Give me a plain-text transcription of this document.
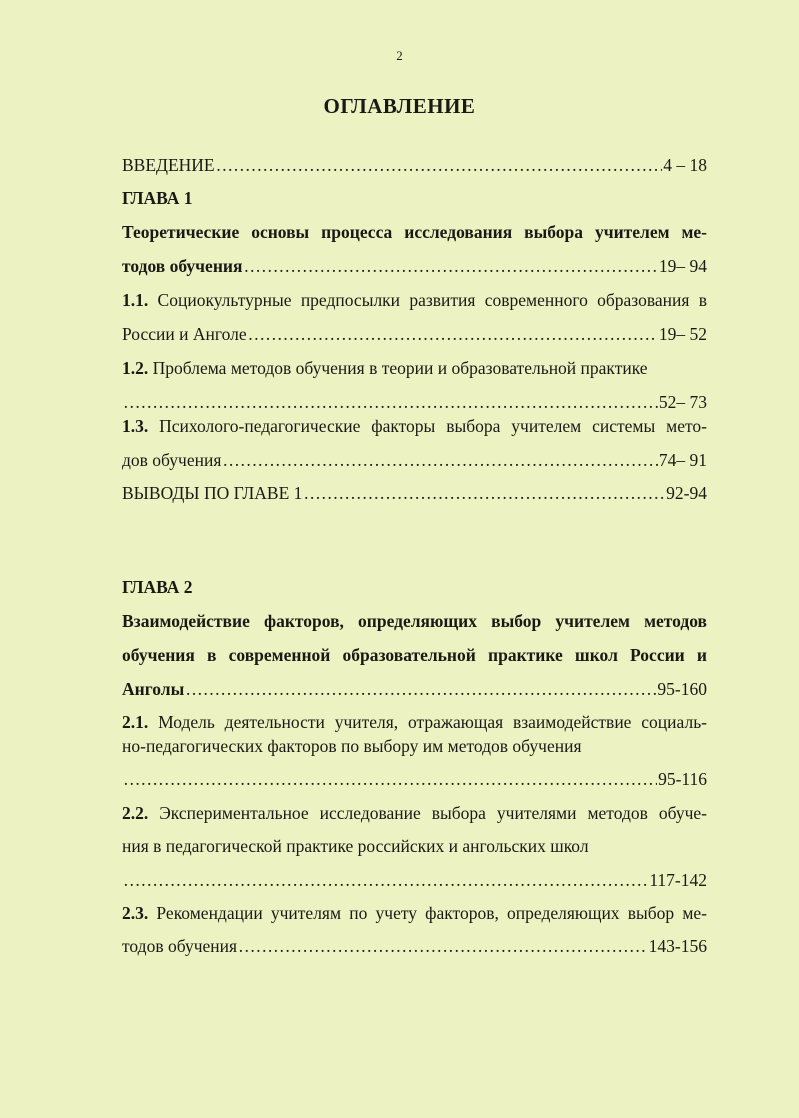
2
ОГЛАВЛЕНИЕ
ВВЕДЕНИЕ ……………………………………………………………………………………………………………………………………………………	4 – 18
ГЛАВА 1
Теоретические основы процесса исследования выбора учителем ме-
тодов обучения ……………………………………………………………………………………………………………………………………………………	19– 94
1.1. Социокультурные предпосылки развития современного образования в
России и Анголе ……………………………………………………………………………………………………………………………………………………	19– 52
1.2. Проблема методов обучения в теории и образовательной практике
……………………………………………………………………………………………………………………………………………………
52– 73
1.3. Психолого-педагогические факторы выбора учителем системы мето-
дов обучения ……………………………………………………………………………………………………………………………………………………	74– 91
ВЫВОДЫ ПО ГЛАВЕ 1 ……………………………………………………………………………………………………………………………………………………	92-94
ГЛАВА 2
Взаимодействие факторов, определяющих выбор учителем методов
обучения в современной образовательной практике школ России и
Анголы ……………………………………………………………………………………………………………………………………………………	95-160
2.1. Модель деятельности учителя, отражающая взаимодействие социаль-
но-педагогических факторов по выбору им методов обучения
……………………………………………………………………………………………………………………………………………………
95-116
2.2. Экспериментальное исследование выбора учителями методов обуче-
ния в педагогической практике российских и ангольских школ
……………………………………………………………………………………………………………………………………………………
117-142
2.3. Рекомендации учителям по учету факторов, определяющих выбор ме-
тодов обучения ……………………………………………………………………………………………………………………………………………………	143-156
